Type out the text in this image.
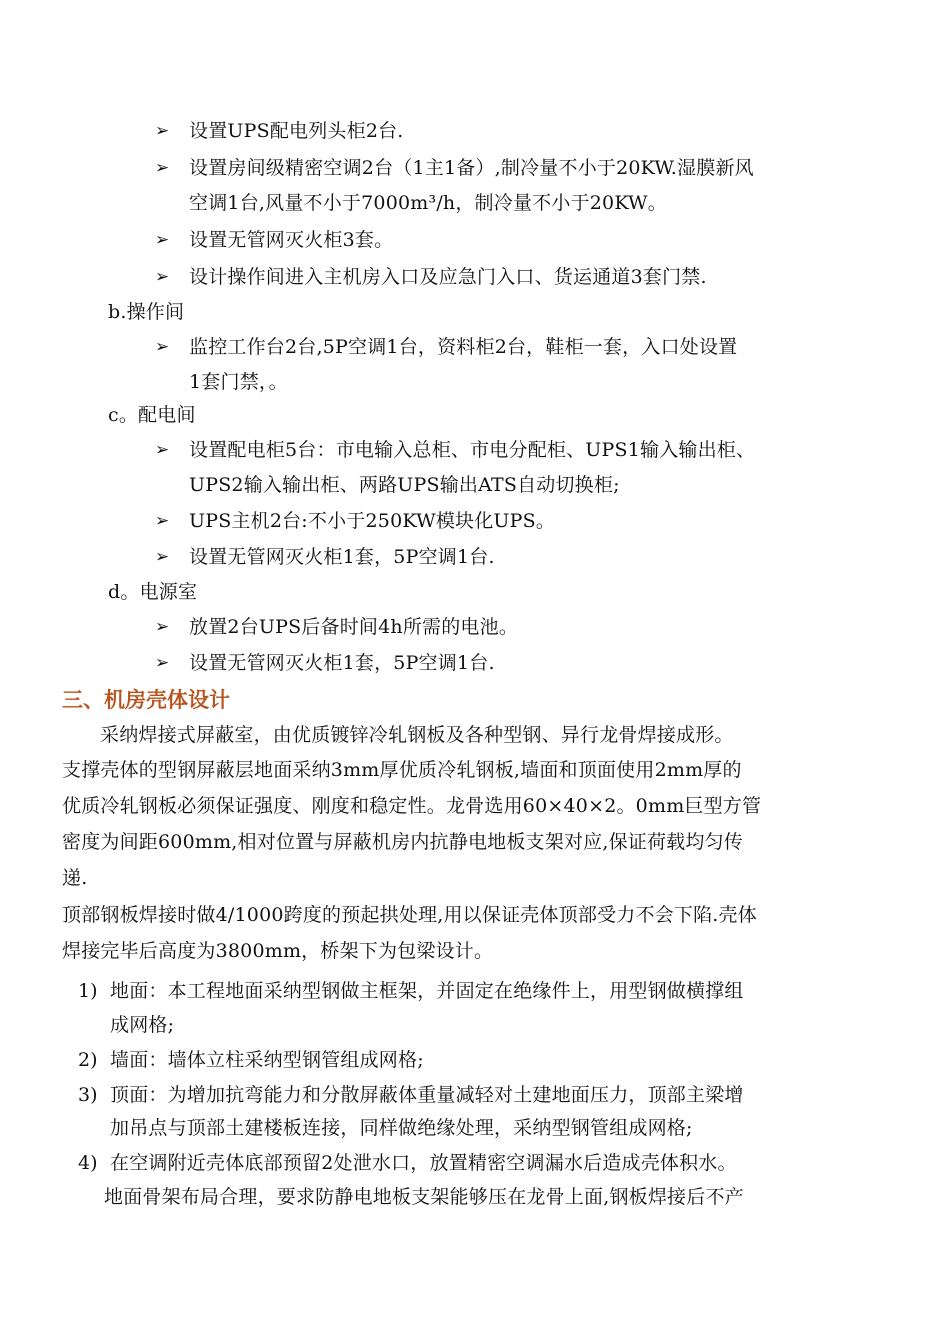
➢ 设置UPS配电列头柜2台.
➢ 设置房间级精密空调2台（1主1备）,制冷量不小于20KW.湿膜新风
空调1台,风量不小于7000m³/h，制冷量不小于20KW。
➢ 设置无管网灭火柜3套。
➢ 设计操作间进入主机房入口及应急门入口、货运通道3套门禁.
b.操作间
➢ 监控工作台2台,5P空调1台，资料柜2台，鞋柜一套，入口处设置
1套门禁，。
c。配电间
➢ 设置配电柜5台：市电输入总柜、市电分配柜、UPS1输入输出柜、
UPS2输入输出柜、两路UPS输出ATS自动切换柜;
➢ UPS主机2台:不小于250KW模块化UPS。
➢ 设置无管网灭火柜1套，5P空调1台.
d。电源室
➢ 放置2台UPS后备时间4h所需的电池。
➢ 设置无管网灭火柜1套，5P空调1台.
三、机房壳体设计
采纳焊接式屏蔽室，由优质镀锌冷轧钢板及各种型钢、异行龙骨焊接成形。
支撑壳体的型钢屏蔽层地面采纳3mm厚优质冷轧钢板,墙面和顶面使用2mm厚的
优质冷轧钢板必须保证强度、刚度和稳定性。龙骨选用60×40×2。0mm巨型方管
密度为间距600mm,相对位置与屏蔽机房内抗静电地板支架对应,保证荷载均匀传
递.
顶部钢板焊接时做4/1000跨度的预起拱处理,用以保证壳体顶部受力不会下陷.壳体
焊接完毕后高度为3800mm，桥架下为包梁设计。
1) 地面：本工程地面采纳型钢做主框架，并固定在绝缘件上，用型钢做横撑组
成网格;
2) 墙面：墙体立柱采纳型钢管组成网格;
3) 顶面：为增加抗弯能力和分散屏蔽体重量减轻对土建地面压力，顶部主梁增
加吊点与顶部土建楼板连接，同样做绝缘处理，采纳型钢管组成网格;
4) 在空调附近壳体底部预留2处泄水口，放置精密空调漏水后造成壳体积水。
地面骨架布局合理，要求防静电地板支架能够压在龙骨上面,钢板焊接后不产
